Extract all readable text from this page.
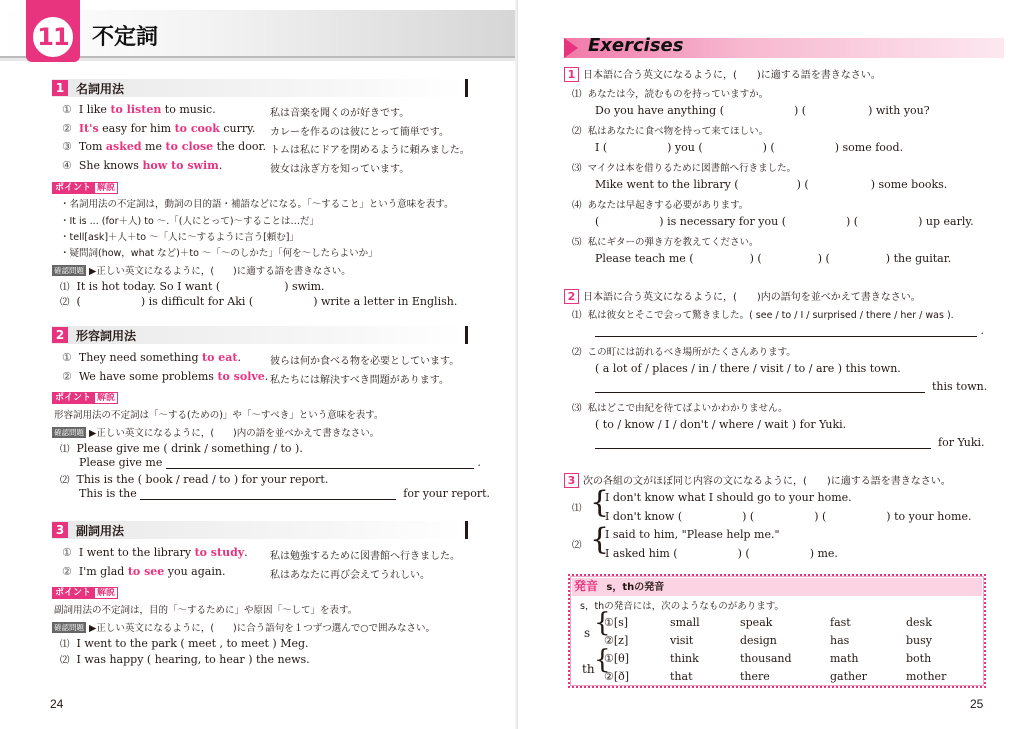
11 不定詞
1 名詞用法
① I like to listen to music.	私は音楽を聞くのが好きです。
② It's easy for him to cook curry. カレーを作るのは彼にとって簡単です。
③ Tom asked me to close the door. トムは私にドアを閉めるように頼みました。
④ She knows how to swim.	彼女は泳ぎ方を知っています。
ポイント 解説
・名詞用法の不定詞は，動詞の目的語・補語などになる。「～すること」という意味を表す。
・It is ... (for＋人) to ～.「(人にとって)～することは…だ」
・tell[ask]＋人＋to ～「人に～するように言う[頼む]」
・疑問詞(how，what など)＋to ～「～のしかた」「何を～したらよいか」
確認問題 ▶正しい英文になるように，(　　)に適する語を書きなさい。
⑴ It is hot today. So I want (	) swim.
⑵ (	) is difficult for Aki (	) write a letter in English.
2 形容詞用法
① They need something to eat.	彼らは何か食べる物を必要としています。
② We have some problems to solve. 私たちには解決すべき問題があります。
ポイント 解説
形容詞用法の不定詞は「～する(ための)」や「～すべき」という意味を表す。
確認問題 ▶正しい英文になるように，(　　)内の語を並べかえて書きなさい。
⑴ Please give me ( drink / something / to ).
Please give me	.
⑵ This is the ( book / read / to ) for your report.
This is the	for your report.
3 副詞用法
① I went to the library to study. 私は勉強するために図書館へ行きました。
② I'm glad to see you again.	私はあなたに再び会えてうれしい。
ポイント 解説
副詞用法の不定詞は，目的「～するために」や原因「～して」を表す。
確認問題 ▶正しい英文になるように，(　　)に合う語句を１つずつ選んで○で囲みなさい。
⑴ I went to the park ( meet , to meet ) Meg.
⑵ I was happy ( hearing, to hear ) the news.
24
Exercises
1 日本語に合う英文になるように，(　　)に適する語を書きなさい。
⑴ あなたは今，読むものを持っていますか。
Do you have anything (	) (	) with you?
⑵ 私はあなたに食べ物を持って来てほしい。
I (	) you (	) (	) some food.
⑶ マイクは本を借りるために図書館へ行きました。
Mike went to the library (	) (	) some books.
⑷ あなたは早起きする必要があります。
(	) is necessary for you (	) (	) up early.
⑸ 私にギターの弾き方を教えてください。
Please teach me (	) (	) (	) the guitar.
2 日本語に合う英文になるように，(　　)内の語句を並べかえて書きなさい。
⑴ 私は彼女とそこで会って驚きました。( see / to / I / surprised / there / her / was ).
.
⑵ この町には訪れるべき場所がたくさんあります。
( a lot of / places / in / there / visit / to / are ) this town.
this town.
⑶ 私はどこで由紀を待てばよいかわかりません。
( to / know / I / don't / where / wait ) for Yuki.
for Yuki.
3 次の各組の文がほぼ同じ内容の文になるように，(　　)に適する語を書きなさい。
⑴ {
I don't know what I should go to your home.
I don't know (	) (	) (	) to your home.
⑵ {
I said to him, "Please help me."
I asked him (	) (	) me.
発音 s，thの発音
s，thの発音には，次のようなものがあります。
s {
①[s]	small	speak	fast	desk
②[z]	visit	design	has	busy
th {
①[θ]	think	thousand	math	both
②[ð]	that	there	gather	mother
25
